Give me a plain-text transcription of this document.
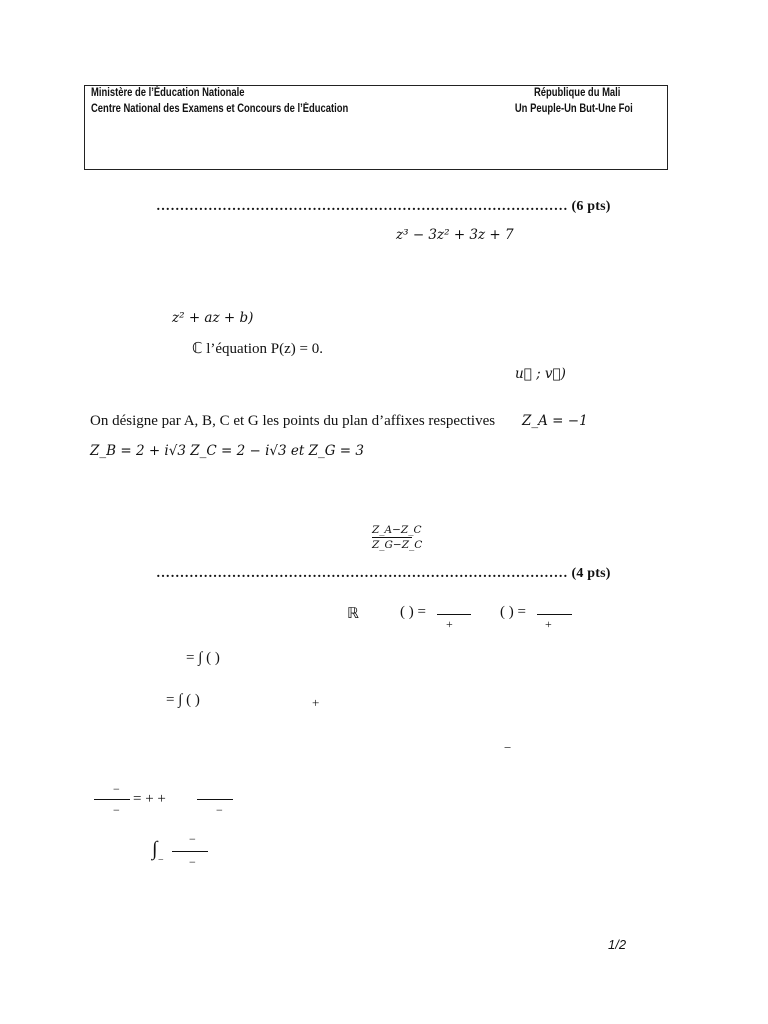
Ministère de l’Éducation Nationale
Centre National des Examens et Concours de l’Éducation
République du Mali
Un Peuple-Un But-Une Foi
…………………………………………………………………………… (6 pts)
z³ − 3z² + 3z + 7
z² + az + b)
ℂ l’équation P(z) = 0.
u⃗ ; v⃗)
On désigne par A, B, C et G les points du plan d’affixes respectives Z_A = −1
Z_B = 2 + i√3 Z_C = 2 − i√3 et Z_G = 3
Z_A−Z_C
Z_G−Z_C
…………………………………………………………………………… (4 pts)
ℝ	( ) =
+
( ) =
+
= ∫ ( )
= ∫ ( )	+
−
−
−
= + +
−
∫
−
−
−
1/2
